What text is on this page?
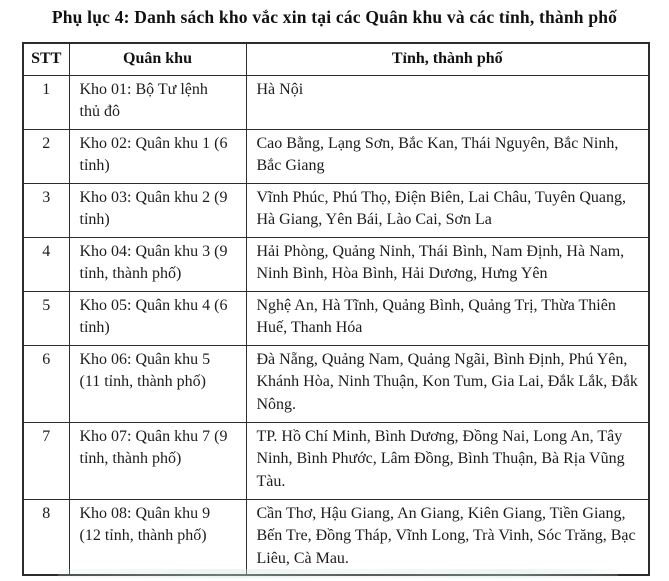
Phụ lục 4: Danh sách kho vắc xin tại các Quân khu và các tỉnh, thành phố
STT	Quân khu	Tỉnh, thành phố
1	Kho 01: Bộ Tư lệnh thủ đô	Hà Nội
2	Kho 02: Quân khu 1 (6 tỉnh)	Cao Bằng, Lạng Sơn, Bắc Kan, Thái Nguyên, Bắc Ninh, Bắc Giang
3	Kho 03: Quân khu 2 (9 tỉnh)	Vĩnh Phúc, Phú Thọ, Điện Biên, Lai Châu, Tuyên Quang, Hà Giang, Yên Bái, Lào Cai, Sơn La
4	Kho 04: Quân khu 3 (9 tỉnh, thành phố)	Hải Phòng, Quảng Ninh, Thái Bình, Nam Định, Hà Nam, Ninh Bình, Hòa Bình, Hải Dương, Hưng Yên
5	Kho 05: Quân khu 4 (6 tỉnh)	Nghệ An, Hà Tĩnh, Quảng Bình, Quảng Trị, Thừa Thiên Huế, Thanh Hóa
6	Kho 06: Quân khu 5 (11 tỉnh, thành phố)	Đà Nẵng, Quảng Nam, Quảng Ngãi, Bình Định, Phú Yên, Khánh Hòa, Ninh Thuận, Kon Tum, Gia Lai, Đắk Lắk, Đắk Nông.
7	Kho 07: Quân khu 7 (9 tỉnh, thành phố)	TP. Hồ Chí Minh, Bình Dương, Đồng Nai, Long An, Tây Ninh, Bình Phước, Lâm Đồng, Bình Thuận, Bà Rịa Vũng Tàu.
8	Kho 08: Quân khu 9 (12 tỉnh, thành phố)	Cần Thơ, Hậu Giang, An Giang, Kiên Giang, Tiền Giang, Bến Tre, Đồng Tháp, Vĩnh Long, Trà Vinh, Sóc Trăng, Bạc Liêu, Cà Mau.
